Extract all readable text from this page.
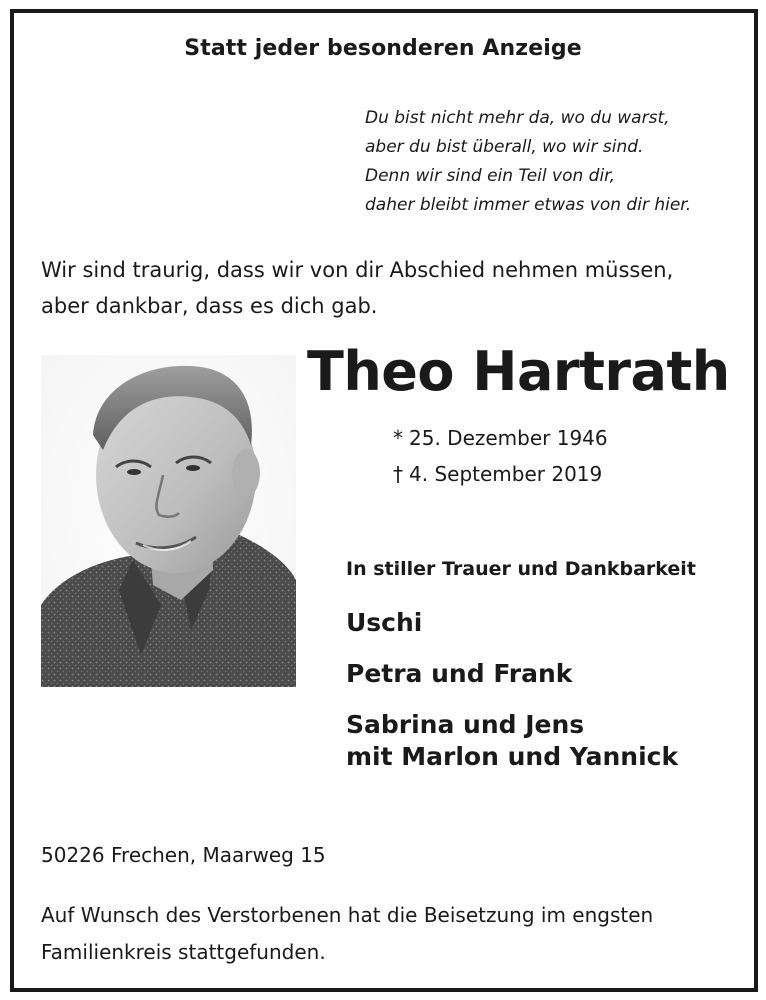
Statt jeder besonderen Anzeige
Du bist nicht mehr da, wo du warst,
aber du bist überall, wo wir sind.
Denn wir sind ein Teil von dir,
daher bleibt immer etwas von dir hier.
Wir sind traurig, dass wir von dir Abschied nehmen müssen,
aber dankbar, dass es dich gab.
Theo Hartrath
* 25. Dezember 1946
† 4. September 2019
In stiller Trauer und Dankbarkeit
Uschi
Petra und Frank
Sabrina und Jens
mit Marlon und Yannick
50226 Frechen, Maarweg 15
Auf Wunsch des Verstorbenen hat die Beisetzung im engsten
Familienkreis stattgefunden.
